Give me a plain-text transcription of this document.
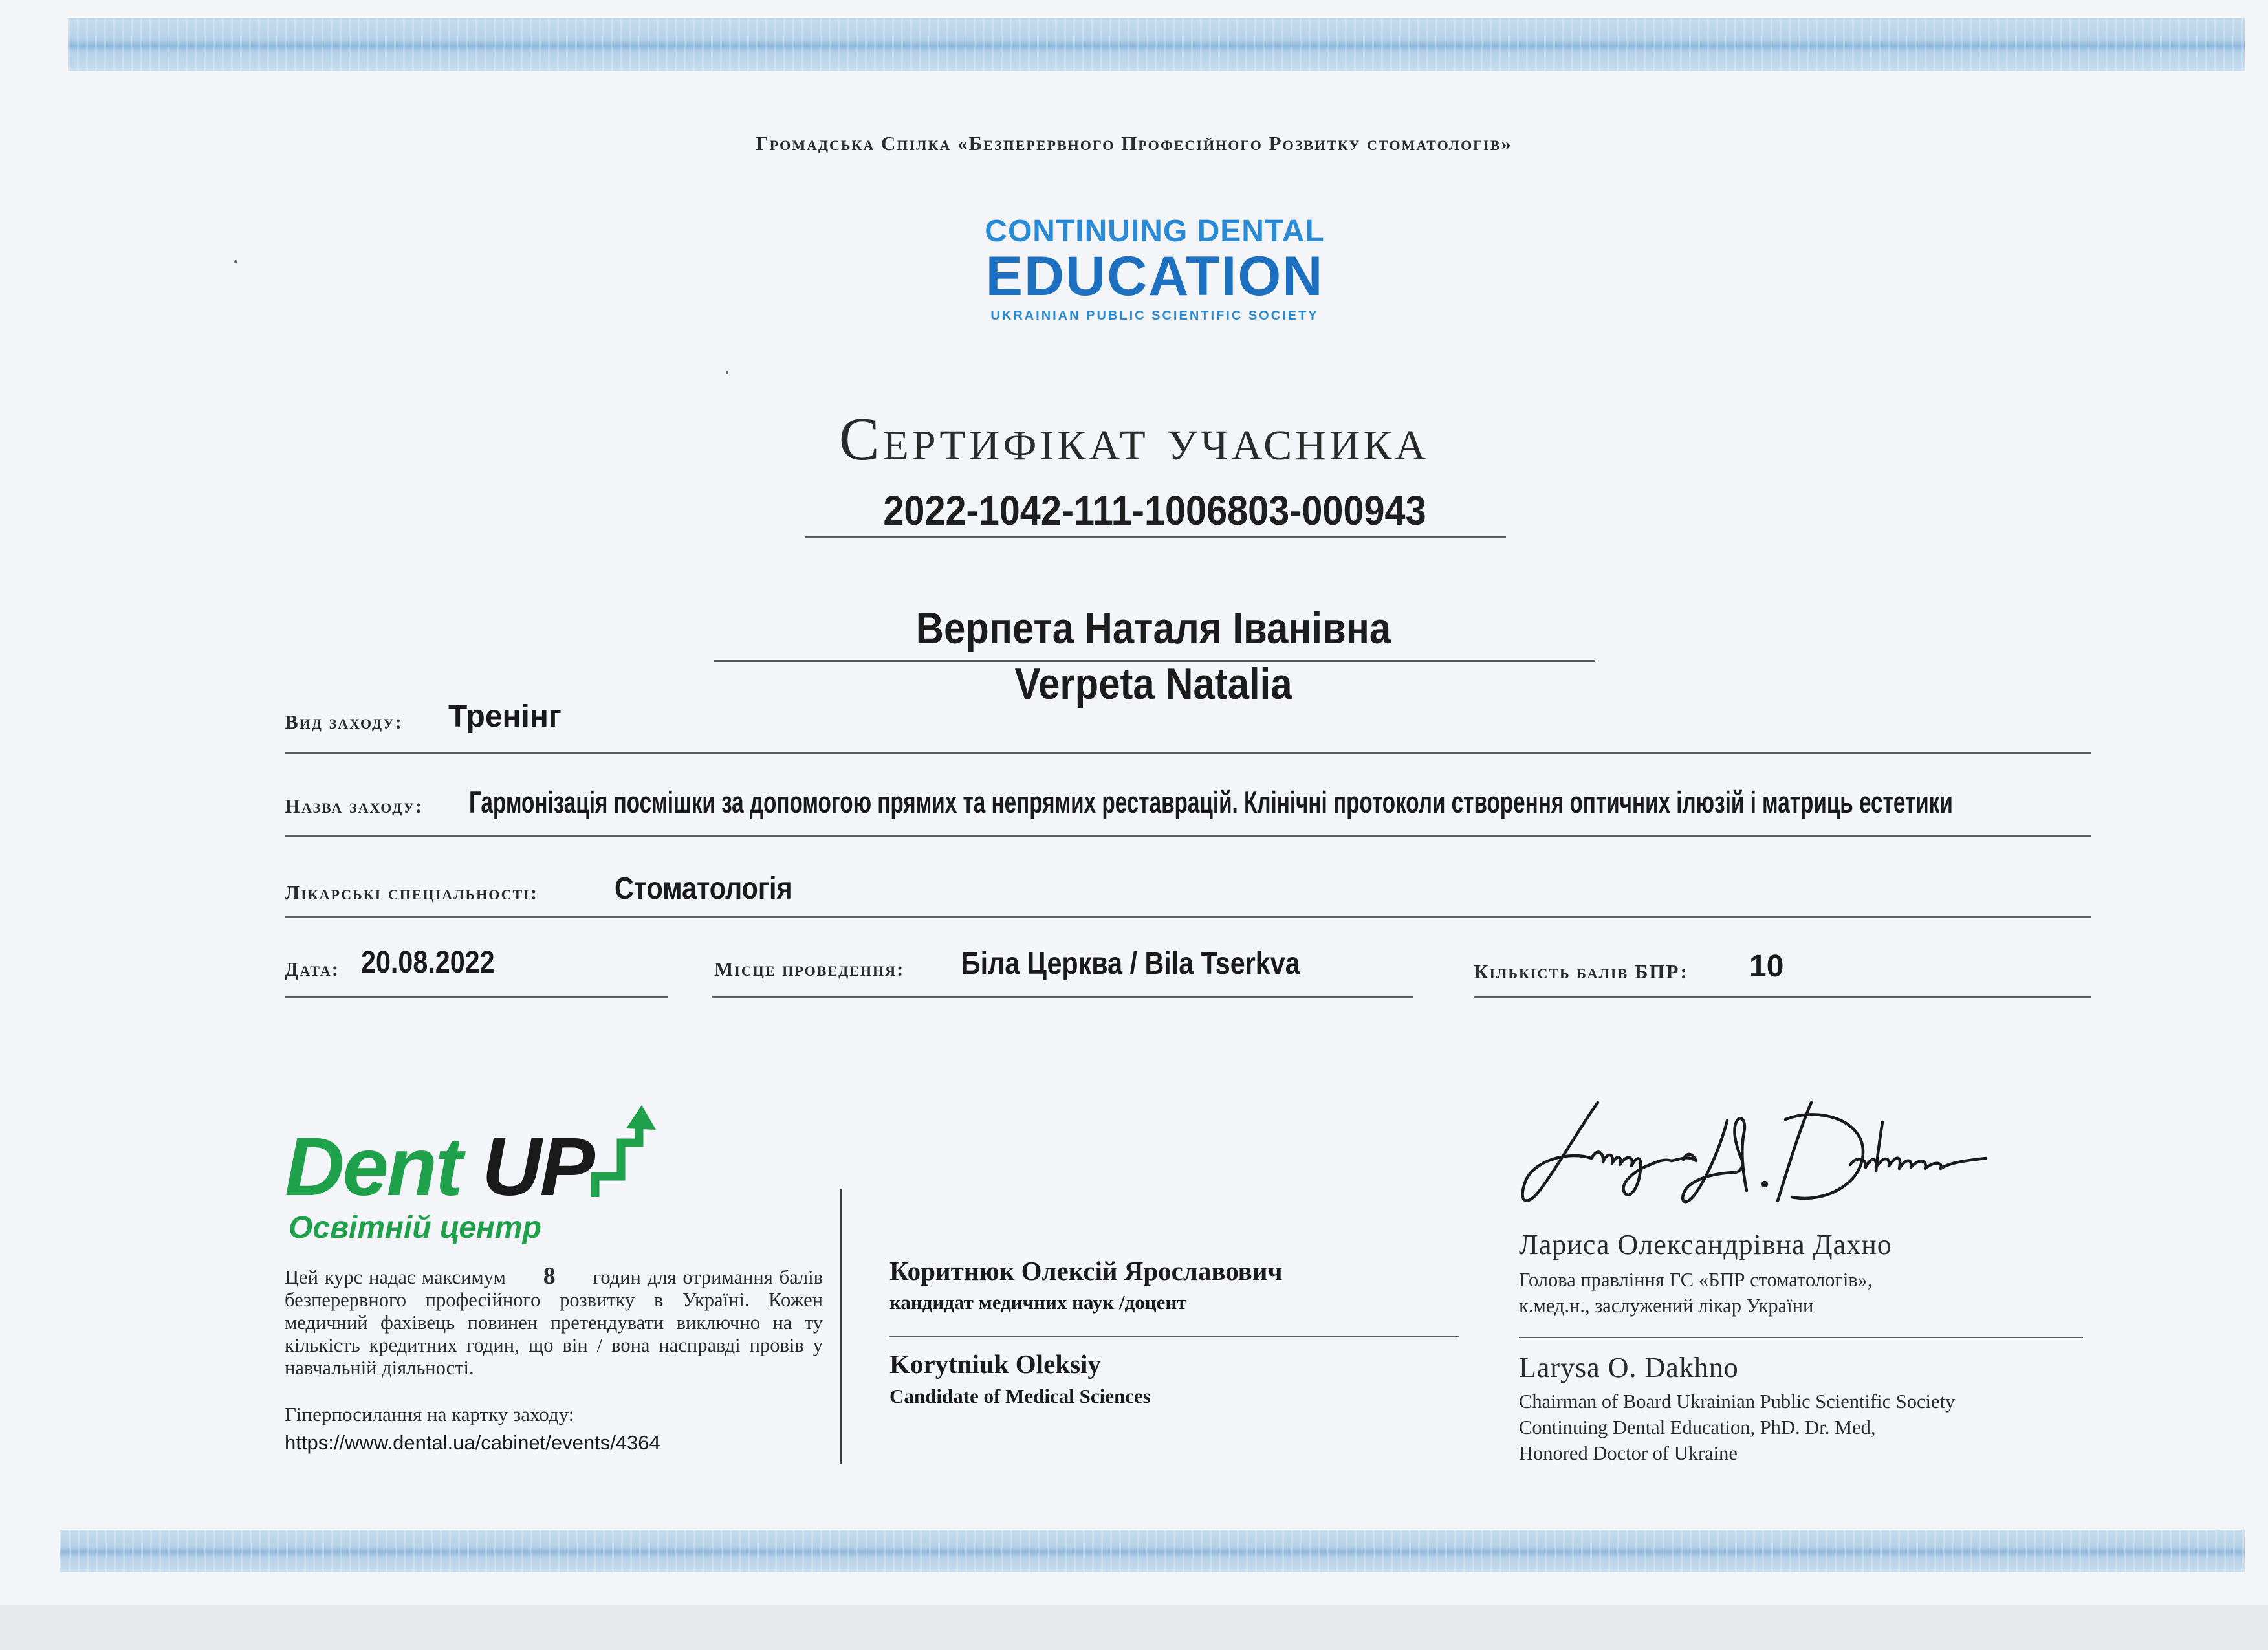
Громадська Спілка «Безперервного Професійного Розвитку стоматологів»
CONTINUING DENTAL
EDUCATION
UKRAINIAN PUBLIC SCIENTIFIC SOCIETY
Сертифікат учасника
2022-1042-111-1006803-000943
Верпета Наталя Іванівна
Verpeta Natalia
Вид заходу: Тренінг
Назва заходу: Гармонізація посмішки за допомогою прямих та непрямих реставрацій. Клінічні протоколи створення оптичних ілюзій і матриць естетики
Лікарські спеціальності: Стоматологія
Дата: 20.08.2022	Місце проведення: Біла Церква / Bila Tserkva	Кількість балів БПР: 10
Dent UP
Освітній центр
Цей курс надає максимум 8 годин для отримання балів безперервного професійного розвитку в Україні. Кожен медичний фахівець повинен претендувати виключно на ту кількість кредитних годин, що він / вона насправді провів у навчальній діяльності.
Гіперпосилання на картку заходу:
https://www.dental.ua/cabinet/events/4364
Коритнюк Олексій Ярославович
кандидат медичних наук /доцент
Korytniuk Oleksiy
Candidate of Medical Sciences
Лариса Олександрівна Дахно
Голова правління ГС «БПР стоматологів»,
к.мед.н., заслужений лікар України
Larysa O. Dakhno
Chairman of Board Ukrainian Public Scientific Society
Continuing Dental Education, PhD. Dr. Med,
Honored Doctor of Ukraine
